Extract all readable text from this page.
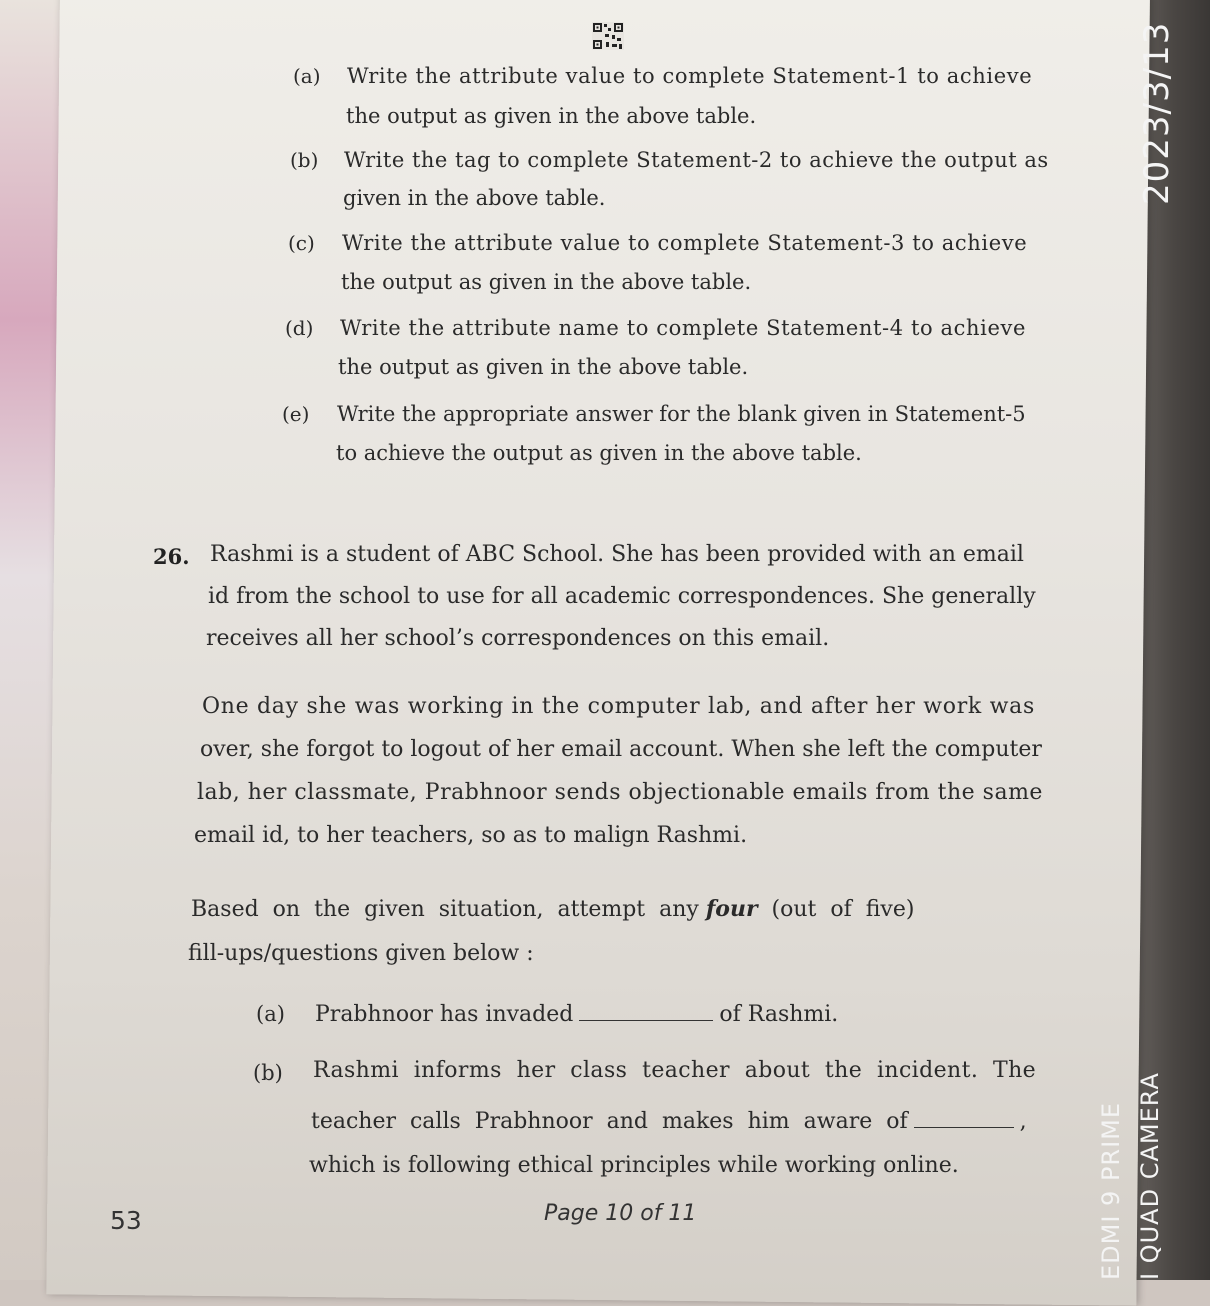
(a) Write the attribute value to complete Statement-1 to achieve
the output as given in the above table.
(b) Write the tag to complete Statement-2 to achieve the output as
given in the above table.
(c) Write the attribute value to complete Statement-3 to achieve
the output as given in the above table.
(d) Write the attribute name to complete Statement-4 to achieve
the output as given in the above table.
(e) Write the appropriate answer for the blank given in Statement-5
to achieve the output as given in the above table.
26. Rashmi is a student of ABC School. She has been provided with an email
id from the school to use for all academic correspondences. She generally
receives all her school’s correspondences on this email.
One day she was working in the computer lab, and after her work was
over, she forgot to logout of her email account. When she left the computer
lab, her classmate, Prabhnoor sends objectionable emails from the same
email id, to her teachers, so as to malign Rashmi.
Based  on  the  given  situation,  attempt  any four  (out  of  five)
fill-ups/questions given below :
(a) Prabhnoor has invaded	of Rashmi.
(b) Rashmi  informs  her  class  teacher  about  the  incident.  The
teacher  calls  Prabhnoor  and  makes  him  aware  of	,
which is following ethical principles while working online.
53	Page 10 of 11
2023/3/13
EDMI 9 PRIME I QUAD CAMERA
